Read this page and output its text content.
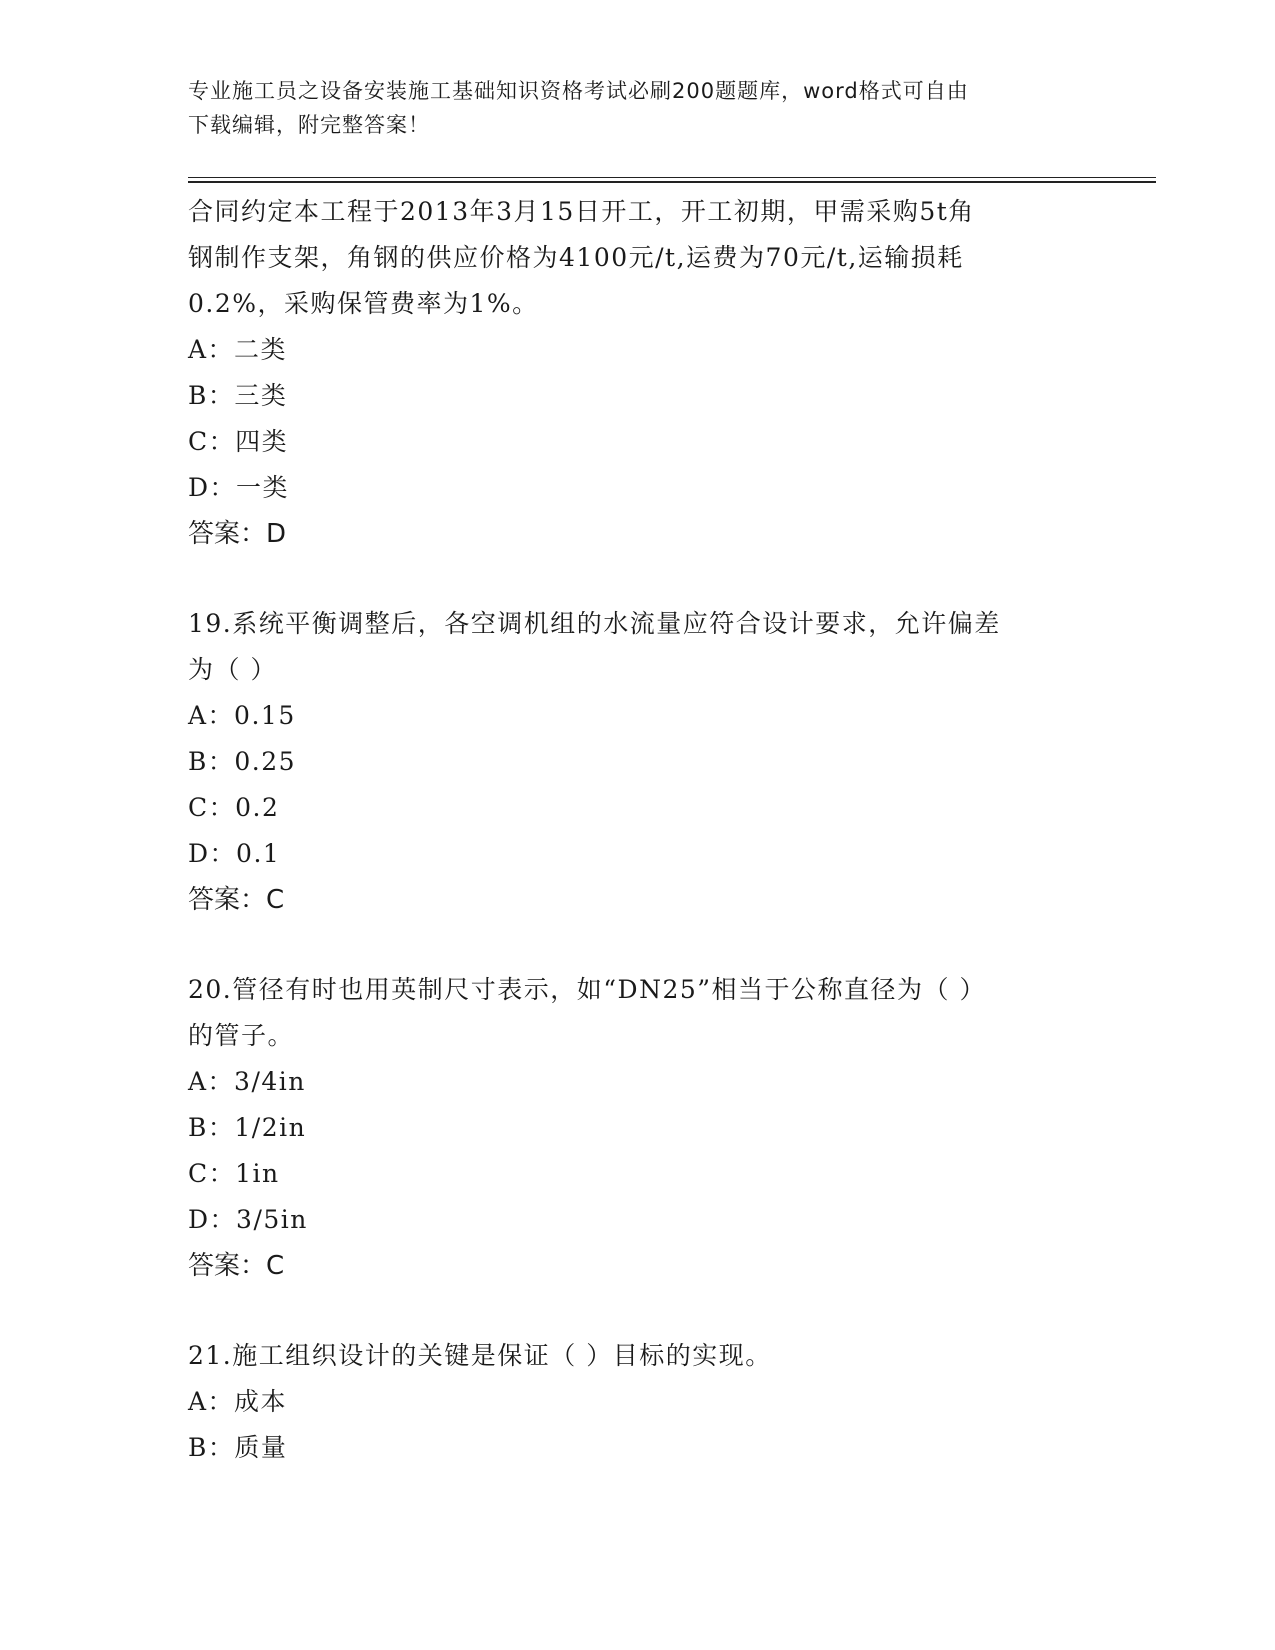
专业施工员之设备安装施工基础知识资格考试必刷200题题库，word格式可自由
下载编辑，附完整答案！
合同约定本工程于2013年3月15日开工，开工初期，甲需采购5t角
钢制作支架，角钢的供应价格为4100元/t,运费为70元/t,运输损耗
0.2%，采购保管费率为1%。
A：二类
B：三类
C：四类
D：一类
答案：D
19.系统平衡调整后，各空调机组的水流量应符合设计要求，允许偏差
为（ ）
A：0.15
B：0.25
C：0.2
D：0.1
答案：C
20.管径有时也用英制尺寸表示，如“DN25”相当于公称直径为（ ）
的管子。
A：3/4in
B：1/2in
C：1in
D：3/5in
答案：C
21.施工组织设计的关键是保证（ ）目标的实现。
A：成本
B：质量
